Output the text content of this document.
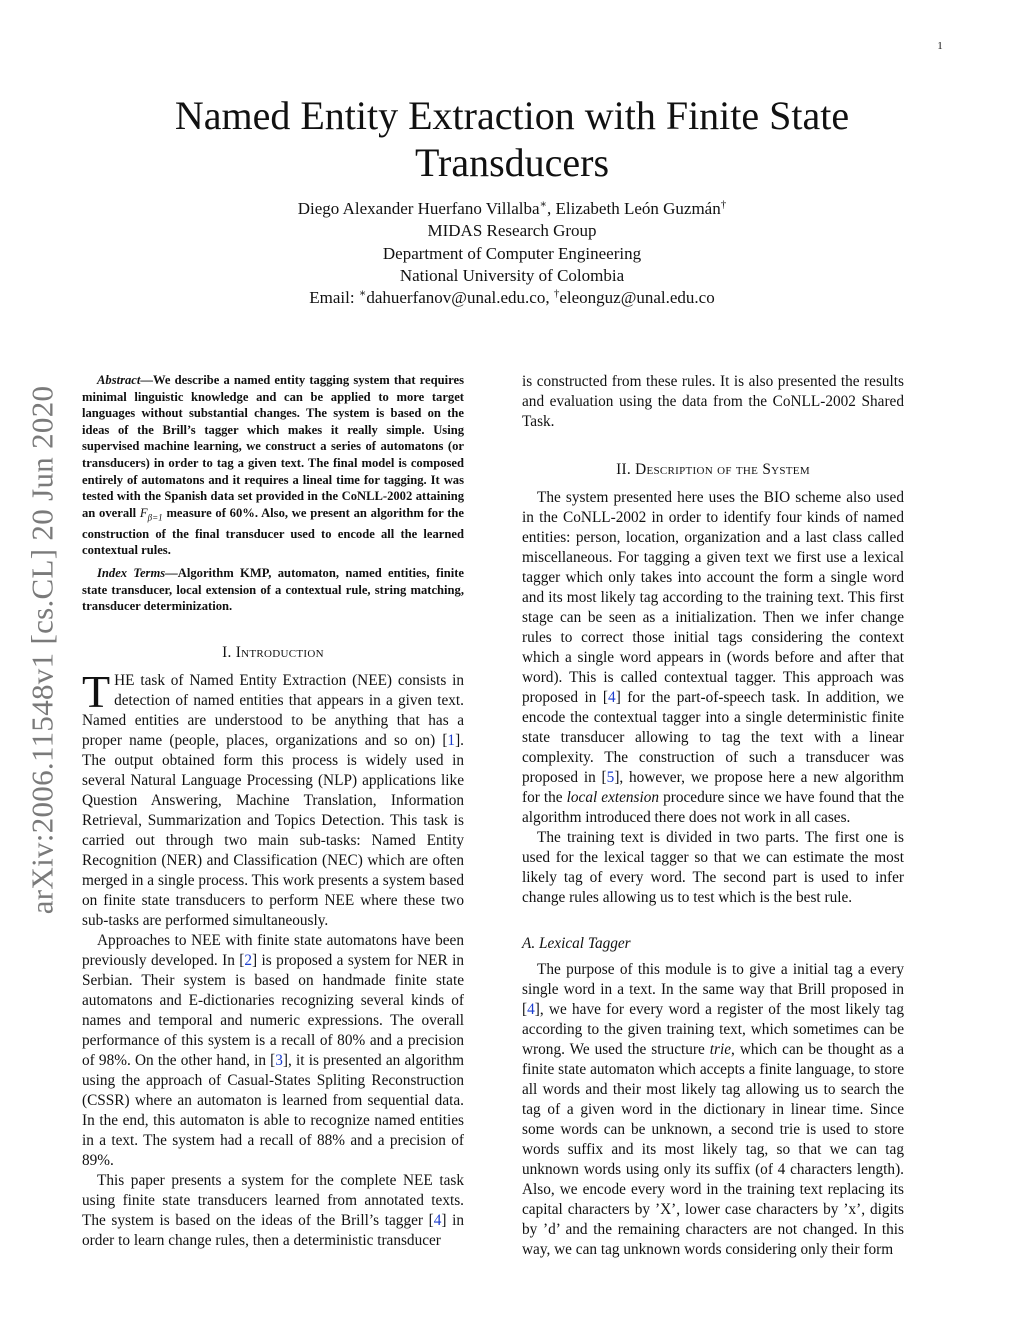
1
arXiv:2006.11548v1 [cs.CL] 20 Jun 2020
Named Entity Extraction with Finite State Transducers
Diego Alexander Huerfano Villalba∗, Elizabeth León Guzmán†
MIDAS Research Group
Department of Computer Engineering
National University of Colombia
Email: ∗dahuerfanov@unal.edu.co, †eleonguz@unal.edu.co

Abstract—We describe a named entity tagging system that requires minimal linguistic knowledge and can be applied to more target languages without substantial changes. The system is based on the ideas of the Brill’s tagger which makes it really simple. Using supervised machine learning, we construct a series of automatons (or transducers) in order to tag a given text. The final model is composed entirely of automatons and it requires a lineal time for tagging. It was tested with the Spanish data set provided in the CoNLL-2002 attaining an overall $F_{\beta=1}$ measure of 60%. Also, we present an algorithm for the construction of the final transducer used to encode all the learned contextual rules.

Index Terms—Algorithm KMP, automaton, named entities, finite state transducer, local extension of a contextual rule, string matching, transducer determinization.

I. Introduction

THE task of Named Entity Extraction (NEE) consists in detection of named entities that appears in a given text. Named entities are understood to be anything that has a proper name (people, places, organizations and so on) [1]. The output obtained form this process is widely used in several Natural Language Processing (NLP) applications like Question Answering, Machine Translation, Information Retrieval, Summarization and Topics Detection. This task is carried out through two main sub-tasks: Named Entity Recognition (NER) and Classification (NEC) which are often merged in a single process. This work presents a system based on finite state transducers to perform NEE where these two sub-tasks are performed simultaneously.

Approaches to NEE with finite state automatons have been previously developed. In [2] is proposed a system for NER in Serbian. Their system is based on handmade finite state automatons and E-dictionaries recognizing several kinds of names and temporal and numeric expressions. The overall performance of this system is a recall of 80% and a precision of 98%. On the other hand, in [3], it is presented an algorithm using the approach of Casual-States Spliting Reconstruction (CSSR) where an automaton is learned from sequential data. In the end, this automaton is able to recognize named entities in a text. The system had a recall of 88% and a precision of 89%.

This paper presents a system for the complete NEE task using finite state transducers learned from annotated texts. The system is based on the ideas of the Brill’s tagger [4] in order to learn change rules, then a deterministic transducer

is constructed from these rules. It is also presented the results and evaluation using the data from the CoNLL-2002 Shared Task.

II. Description of the System

The system presented here uses the BIO scheme also used in the CoNLL-2002 in order to identify four kinds of named entities: person, location, organization and a last class called miscellaneous. For tagging a given text we first use a lexical tagger which only takes into account the form a single word and its most likely tag according to the training text. This first stage can be seen as a initialization. Then we infer change rules to correct those initial tags considering the context which a single word appears in (words before and after that word). This is called contextual tagger. This approach was proposed in [4] for the part-of-speech task. In addition, we encode the contextual tagger into a single deterministic finite state transducer allowing to tag the text with a linear complexity. The construction of such a transducer was proposed in [5], however, we propose here a new algorithm for the local extension procedure since we have found that the algorithm introduced there does not work in all cases.

The training text is divided in two parts. The first one is used for the lexical tagger so that we can estimate the most likely tag of every word. The second part is used to infer change rules allowing us to test which is the best rule.

A. Lexical Tagger

The purpose of this module is to give a initial tag a every single word in a text. In the same way that Brill proposed in [4], we have for every word a register of the most likely tag according to the given training text, which sometimes can be wrong. We used the structure trie, which can be thought as a finite state automaton which accepts a finite language, to store all words and their most likely tag allowing us to search the tag of a given word in the dictionary in linear time. Since some words can be unknown, a second trie is used to store words suffix and its most likely tag, so that we can tag unknown words using only its suffix (of 4 characters length). Also, we encode every word in the training text replacing its capital characters by ’X’, lower case characters by ’x’, digits by ’d’ and the remaining characters are not changed. In this way, we can tag unknown words considering only their form
